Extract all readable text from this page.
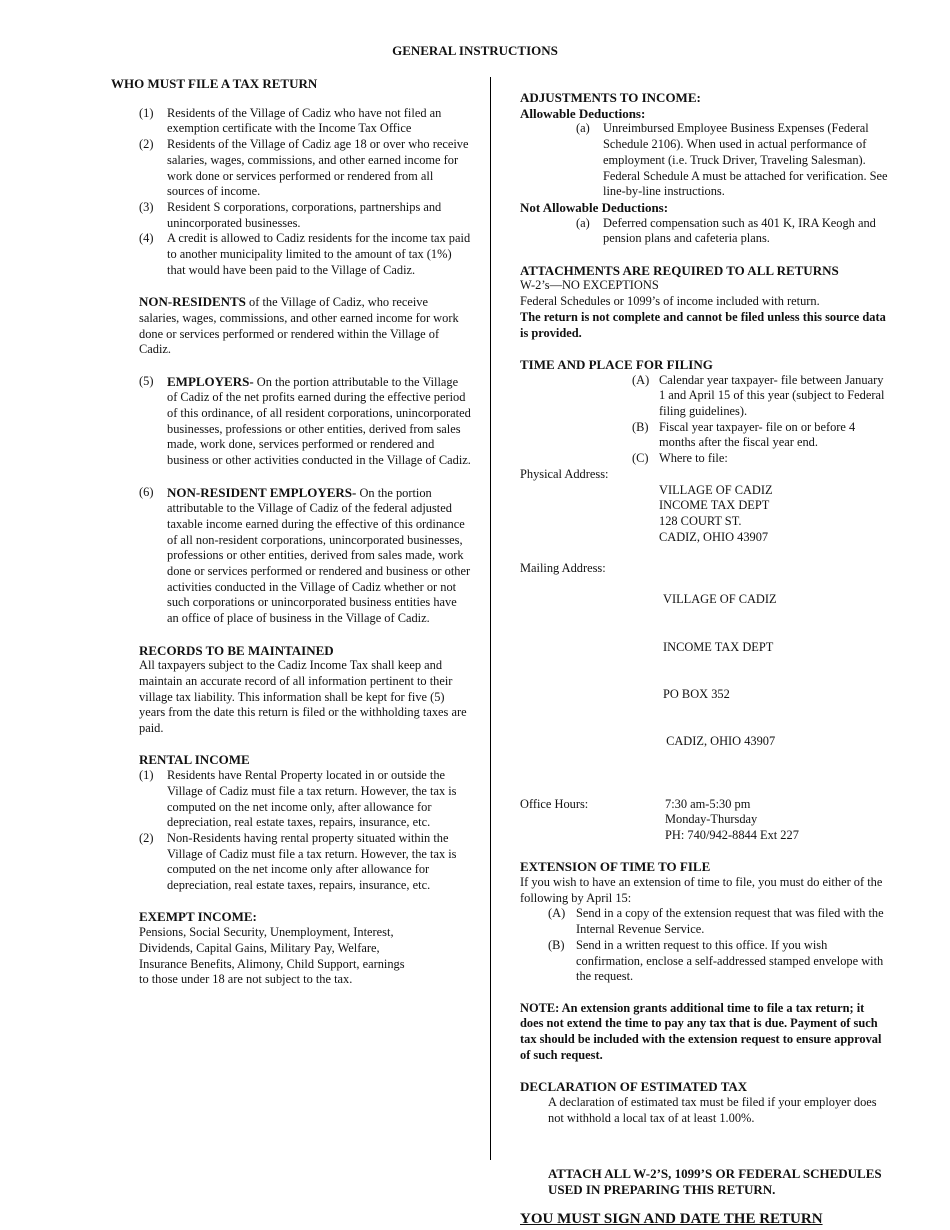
GENERAL INSTRUCTIONS

WHO MUST FILE A TAX RETURN

(1)	Residents of the Village of Cadiz who have not filed an exemption certificate with the Income Tax Office
(2)	Residents of the Village of Cadiz age 18 or over who receive salaries, wages, commissions, and other earned income for work done or services performed or rendered from all sources of income.
(3)	Resident S corporations, corporations, partnerships and unincorporated businesses.
(4)	A credit is allowed to Cadiz residents for the income tax paid to another municipality limited to the amount of tax (1%) that would have been paid to the Village of Cadiz.

NON-RESIDENTS of the Village of Cadiz, who receive salaries, wages, commissions, and other earned income for work done or services performed or rendered within the Village of Cadiz.

(5)	EMPLOYERS- On the portion attributable to the Village of Cadiz of the net profits earned during the effective period of this ordinance, of all resident corporations, unincorporated businesses, professions or other entities, derived from sales made, work done, services performed or rendered and business or other activities conducted in the Village of Cadiz.
(6)	NON-RESIDENT EMPLOYERS- On the portion attributable to the Village of Cadiz of the federal adjusted taxable income earned during the effective of this ordinance of all non-resident corporations, unincorporated businesses, professions or other entities, derived from sales made, work done or services performed or rendered and business or other activities conducted in the Village of Cadiz whether or not such corporations or unincorporated business entities have an office of place of business in the Village of Cadiz.

RECORDS TO BE MAINTAINED

All taxpayers subject to the Cadiz Income Tax shall keep and maintain an accurate record of all information pertinent to their village tax liability. This information shall be kept for five (5) years from the date this return is filed or the withholding taxes are paid.

RENTAL INCOME

(1)	Residents have Rental Property located in or outside the Village of Cadiz must file a tax return. However, the tax is computed on the net income only, after allowance for depreciation, real estate taxes, repairs, insurance, etc.
(2)	Non-Residents having rental property situated within the Village of Cadiz must file a tax return. However, the tax is computed on the net income only after allowance for depreciation, real estate taxes, repairs, insurance, etc.

EXEMPT INCOME:

Pensions, Social Security, Unemployment, Interest,

Dividends, Capital Gains, Military Pay, Welfare,

Insurance Benefits, Alimony, Child Support, earnings

to those under 18 are not subject to the tax.

ADJUSTMENTS TO INCOME:

Allowable Deductions:

(a)	Unreimbursed Employee Business Expenses (Federal Schedule 2106). When used in actual performance of employment (i.e. Truck Driver, Traveling Salesman). Federal Schedule A must be attached for verification. See line-by-line instructions.

Not Allowable Deductions:

(a)	Deferred compensation such as 401 K, IRA Keogh and pension plans and cafeteria plans.

ATTACHMENTS ARE REQUIRED TO ALL RETURNS

W-2’s—NO EXCEPTIONS

Federal Schedules or 1099’s of income included with return.

The return is not complete and cannot be filed unless this source data is provided.

TIME AND PLACE FOR FILING

(A) Calendar year taxpayer- file between January 1 and April 15 of this year (subject to Federal filing guidelines).
(B) Fiscal year taxpayer- file on or before 4 months after the fiscal year end.
(C) Where to file:

Physical Address:

VILLAGE OF CADIZ

INCOME TAX DEPT

128 COURT ST.

CADIZ, OHIO 43907

Mailing Address:

VILLAGE OF CADIZ

INCOME TAX DEPT

PO BOX 352

CADIZ, OHIO 43907

Office Hours:	7:30 am-5:30 pm

Monday-Thursday

PH: 740/942-8844 Ext 227

EXTENSION OF TIME TO FILE

If you wish to have an extension of time to file, you must do either of the following by April 15:

(A) Send in a copy of the extension request that was filed with the Internal Revenue Service.
(B) Send in a written request to this office. If you wish confirmation, enclose a self-addressed stamped envelope with the request.

NOTE: An extension grants additional time to file a tax return; it does not extend the time to pay any tax that is due. Payment of such tax should be included with the extension request to ensure approval of such request.

DECLARATION OF ESTIMATED TAX

A declaration of estimated tax must be filed if your employer does not withhold a local tax of at least 1.00%.

ATTACH ALL W-2’S, 1099’S OR FEDERAL SCHEDULES USED IN PREPARING THIS RETURN.

YOU MUST SIGN AND DATE THE RETURN
